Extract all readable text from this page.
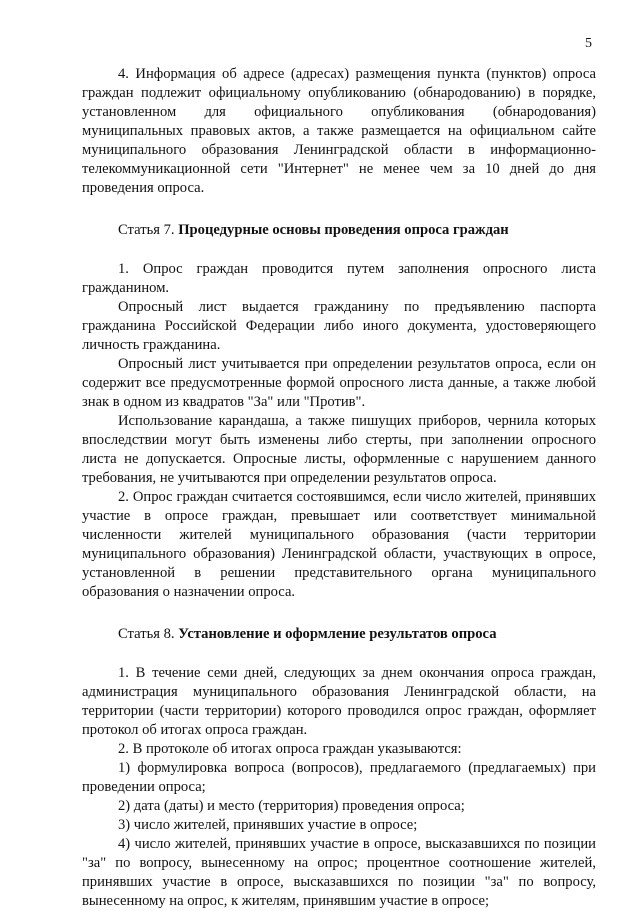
5

4. Информация об адресе (адресах) размещения пункта (пунктов) опроса граждан подлежит официальному опубликованию (обнародованию) в порядке, установленном для официального опубликования (обнародования) муниципальных правовых актов, а также размещается на официальном сайте муниципального образования Ленинградской области в информационно-телекоммуникационной сети "Интернет" не менее чем за 10 дней до дня проведения опроса.

Статья 7. Процедурные основы проведения опроса граждан

1. Опрос граждан проводится путем заполнения опросного листа гражданином.

Опросный лист выдается гражданину по предъявлению паспорта гражданина Российской Федерации либо иного документа, удостоверяющего личность гражданина.

Опросный лист учитывается при определении результатов опроса, если он содержит все предусмотренные формой опросного листа данные, а также любой знак в одном из квадратов "За" или "Против".

Использование карандаша, а также пишущих приборов, чернила которых впоследствии могут быть изменены либо стерты, при заполнении опросного листа не допускается. Опросные листы, оформленные с нарушением данного требования, не учитываются при определении результатов опроса.

2. Опрос граждан считается состоявшимся, если число жителей, принявших участие в опросе граждан, превышает или соответствует минимальной численности жителей муниципального образования (части территории муниципального образования) Ленинградской области, участвующих в опросе, установленной в решении представительного органа муниципального образования о назначении опроса.

Статья 8. Установление и оформление результатов опроса

1. В течение семи дней, следующих за днем окончания опроса граждан, администрация муниципального образования Ленинградской области, на территории (части территории) которого проводился опрос граждан, оформляет протокол об итогах опроса граждан.

2. В протоколе об итогах опроса граждан указываются:

1) формулировка вопроса (вопросов), предлагаемого (предлагаемых) при проведении опроса;

2) дата (даты) и место (территория) проведения опроса;

3) число жителей, принявших участие в опросе;

4) число жителей, принявших участие в опросе, высказавшихся по позиции "за" по вопросу, вынесенному на опрос; процентное соотношение жителей, принявших участие в опросе, высказавшихся по позиции "за" по вопросу, вынесенному на опрос, к жителям, принявшим участие в опросе;
